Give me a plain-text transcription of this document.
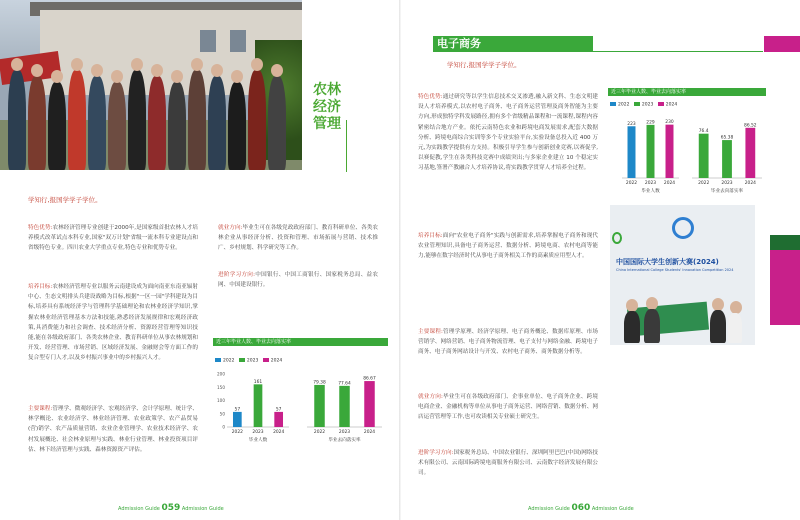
农林经济管理
学知行,报国学学子学位。
特色优势:农林经济管理专业创建于2000年,是国家级首批农林人才培养模式改革试点本科专业,国家"双万计划"省级一流本科专业建设点和省级特色专业。四川农业大学重点专业,特色专业和优势专业。
培养目标:农林经济管理专业以服务云南建设成为面向南亚东南亚辐射中心、生态文明排头兵建设战略为目标,根据"一区一园"学科建设为目标,培养具有系统经济学与管理科学基础理论和农林业经济学知识,掌握农林业经济管理基本方法和技能,熟悉经济发展规律和宏观经济政策,具消费能力和社会调查、技术经济分析、资源经营管理等知识技能,能在各级政府部门、各类农林企业、教育科研单位从事农林规划和开发、经营管理、市场营销、区域经济发展、金融财会等方面工作的复合型专门人才,以及乡村振兴事业中的乡村振兴人才。
主要课程:管理学、微观经济学、宏观经济学、会计学原理、统计学、林学概论、农业经济学、林业经济管理、农业政策学、农产品贸易(营)销学、农产品质量营销、农业企业管理学、农业技术经济学、农村发展概论、社会林业原理与实践、林业行业管理、林业投资项目评估、林下经济管理与实践、森林资源资产评估。
就业方向:毕业生可在各级党政政府部门、教育科研单位、各类农林企业从事经济分析、投资和管理、市场拓展与营销、技术推广、乡村规划、科学研究等工作。
进阶学习方向:中国银行、中国工商银行、国家税务总局、益农网、中国建设银行。
近三年毕业人数、毕业去向落实率
2022	2023	2024
0
50
100
150
200
57
2022
161
2023
57
2024
毕业人数
79.38
2022
77.64
2023
86.67
2024
毕业去向落实率
Admission Guide 059 Admission Guide
电子商务
学知行,报国学学子学位。
特色优势:通过研究等以学生信息技术交叉渗透,融入新文科、生态文明建设人才培养模式,以农村电子商务、电子商务运营管理及商务智能为主要方向,形成独特学科发展路径,拥有多个省级精品课程和一流课程,课程内容紧密结合地方产业。依托云南特色农业和跨境电商发展需求,配套大数据分析、跨境电商综合实训等多个专业实验平台,实验设备总投入近 400 万元,为实践教学提供有力支持。积极引导学生参与创新创业竞赛,以赛促学,以赛促教,学生在各类科技竞赛中成绩突出;与多家企业建立 10 个稳定实习基地,签署产教融合人才培养协议,将实践教学贯穿人才培养全过程。
培养目标:面向"农业电子商务"实践与创新需求,培养掌握电子商务和现代农业管理知识,具备电子商务运营、数据分析、跨境电商、农村电商等能力,能够在数字经济时代从事电子商务相关工作的高素质应用型人才。
主要课程:管理学原理、经济学原理、电子商务概论、数据库原理、市场营销学、网络营销、电子商务物流管理、电子支付与网络金融、跨境电子商务、电子商务网站设计与开发、农村电子商务、商务数据分析等。
就业方向:毕业生可在各级政府部门、企事业单位、电子商务企业、跨境电商企业、金融机构等单位从事电子商务运营、网络营销、数据分析、网店运营管理等工作,也可攻读相关专业硕士研究生。
进阶学习方向:国家税务总局、中国农业银行、深圳阿里巴巴(中国)网络技术有限公司、云南国际跨境电商服务有限公司、云南数字经济发展有限公司。
近三年毕业人数、毕业去向落实率
2022	2023	2024
223
2022
229
2023
230
2024
毕业人数
76.4
2022
65.38
2023
86.52
2024
毕业去向落实率
中国国际大学生创新大赛(2024)
China International College Students' Innovation Competition 2024
Admission Guide 060 Admission Guide
